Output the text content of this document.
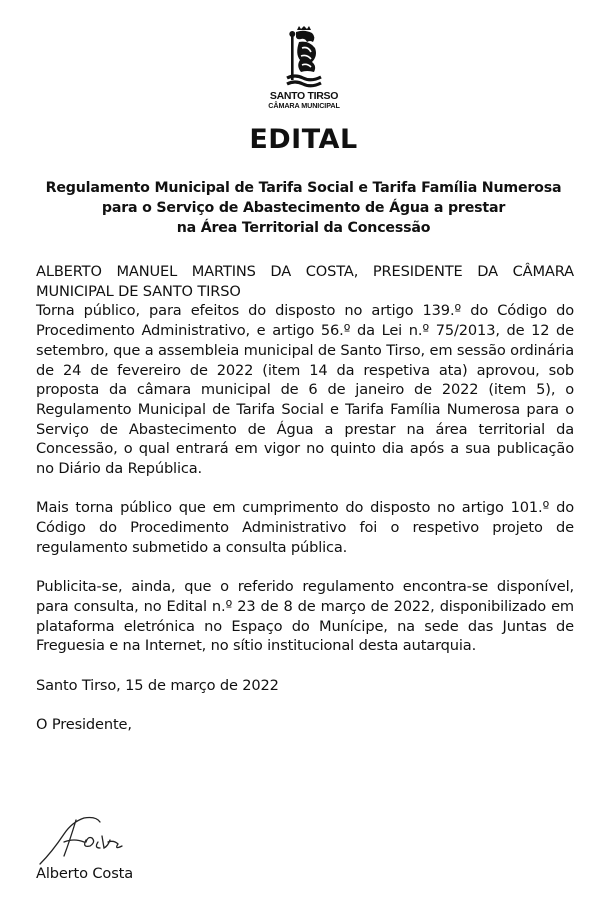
SANTO TIRSO
CÂMARA MUNICIPAL
EDITAL
Regulamento Municipal de Tarifa Social e Tarifa Família Numerosa
para o Serviço de Abastecimento de Água a prestar
na Área Territorial da Concessão

ALBERTO MANUEL MARTINS DA COSTA, PRESIDENTE DA CÂMARA MUNICIPAL DE SANTO TIRSO

Torna público, para efeitos do disposto no artigo 139.º do Código do Procedimento Administrativo, e artigo 56.º da Lei n.º 75/2013, de 12 de setembro, que a assembleia municipal de Santo Tirso, em sessão ordinária de 24 de fevereiro de 2022 (item 14 da respetiva ata) aprovou, sob proposta da câmara municipal de 6 de janeiro de 2022 (item 5), o Regulamento Municipal de Tarifa Social e Tarifa Família Numerosa para o Serviço de Abastecimento de Água a prestar na área territorial da Concessão, o qual entrará em vigor no quinto dia após a sua publicação no Diário da República.

Mais torna público que em cumprimento do disposto no artigo 101.º do Código do Procedimento Administrativo foi o respetivo projeto de regulamento submetido a consulta pública.

Publicita-se, ainda, que o referido regulamento encontra-se disponível, para consulta, no Edital n.º 23 de 8 de março de 2022, disponibilizado em plataforma eletrónica no Espaço do Munícipe, na sede das Juntas de Freguesia e na Internet, no sítio institucional desta autarquia.

Santo Tirso, 15 de março de 2022

O Presidente,

Alberto Costa
